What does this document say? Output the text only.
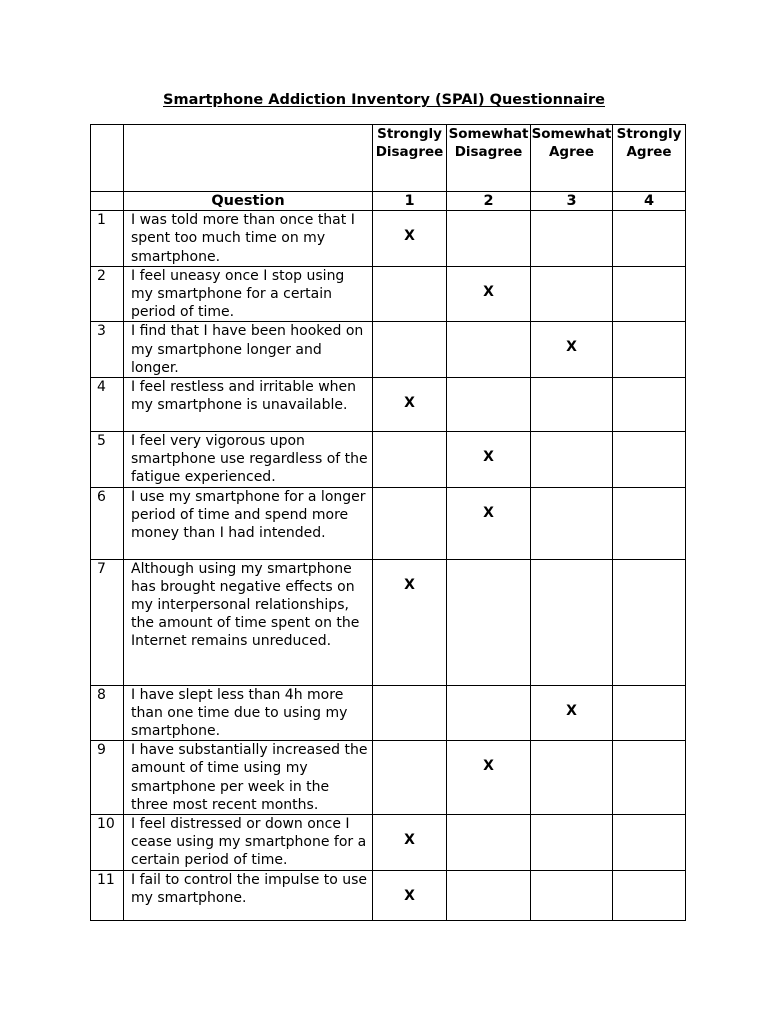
Smartphone Addiction Inventory (SPAI) Questionnaire
		Strongly Disagree	Somewhat Disagree	Somewhat Agree	Strongly Agree
	Question	1	2	3	4
1	I was told more than once that I spent too much time on my smartphone.	X			
2	I feel uneasy once I stop using my smartphone for a certain period of time.		X		
3	I find that I have been hooked on my smartphone longer and longer.			X	
4	I feel restless and irritable when my smartphone is unavailable.	X			
5	I feel very vigorous upon smartphone use regardless of the fatigue experienced.		X		
6	I use my smartphone for a longer period of time and spend more money than I had intended.		X		
7	Although using my smartphone has brought negative effects on my interpersonal relationships, the amount of time spent on the Internet remains unreduced.	X			
8	I have slept less than 4h more than one time due to using my smartphone.			X	
9	I have substantially increased the amount of time using my smartphone per week in the three most recent months.		X		
10	I feel distressed or down once I cease using my smartphone for a certain period of time.	X			
11	I fail to control the impulse to use my smartphone.	X			
